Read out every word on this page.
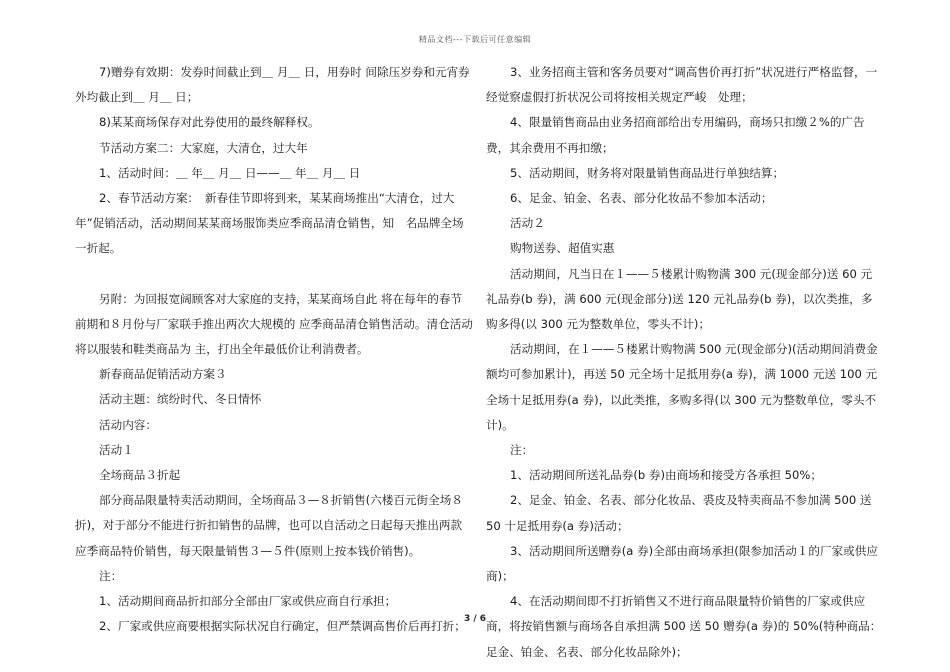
精品文档---下载后可任意编辑

7)赠券有效期：发券时间截止到＿ 月＿ 日，用券时 间除压岁券和元宵券外均截止到＿ 月＿ 日；

8)某某商场保存对此券使用的最终解释权。

节活动方案二：大家庭，大清仓，过大年

1、活动时间：＿ 年＿ 月＿ 日——＿ 年＿ 月＿ 日

2、春节活动方案：　新春佳节即将到来，某某商场推出“大清仓，过大年”促销活动，活动期间某某商场服饰类应季商品清仓销售，知　名品牌全场一折起。

另附：为回报宽阔顾客对大家庭的支持，某某商场自此 将在每年的春节前期和８月份与厂家联手推出两次大规模的 应季商品清仓销售活动。清仓活动将以服装和鞋类商品为 主，打出全年最低价让利消费者。

新春商品促销活动方案３

活动主题：缤纷时代、冬日情怀

活动内容：

活动１

全场商品３折起

部分商品限量特卖活动期间，全场商品３—８折销售(六楼百元街全场８折)，对于部分不能进行折扣销售的品牌，也可以自活动之日起每天推出两款应季商品特价销售，每天限量销售３—５件(原则上按本钱价销售)。

注：

1、活动期间商品折扣部分全部由厂家或供应商自行承担；

2、厂家或供应商要根据实际状况自行确定，但严禁调高售价后再打折；

3、业务招商主管和客务员要对“调高售价再打折”状况进行严格监督，一经觉察虚假打折状况公司将按相关规定严峻　处理；

4、限量销售商品由业务招商部给出专用编码，商场只扣缴２%的广告费，其余费用不再扣缴；

5、活动期间，财务将对限量销售商品进行单独结算；

6、足金、铂金、名表、部分化妆品不参加本活动；

活动２

购物送券、超值实惠

活动期间，凡当日在１——５楼累计购物满 300 元(现金部分)送 60 元礼品券(b 券)，满 600 元(现金部分)送 120 元礼品券(b 券)，以次类推，多购多得(以 300 元为整数单位，零头不计)；

活动期间，在１——５楼累计购物满 500 元(现金部分)(活动期间消费金额均可参加累计)，再送 50 元全场十足抵用券(a 券)，满 1000 元送 100 元全场十足抵用券(a 券)，以此类推，多购多得(以 300 元为整数单位，零头不计)。

注：

1、活动期间所送礼品券(b 券)由商场和接受方各承担 50%；

2、足金、铂金、名表、部分化妆品、裘皮及特卖商品不参加满 500 送 50 十足抵用券(a 券)活动；

3、活动期间所送赠券(a 券)全部由商场承担(限参加活动１的厂家或供应商)；

4、在活动期间即不打折销售又不进行商品限量特价销售的厂家或供应商，将按销售额与商场各自承担满 500 送 50 赠券(a 券)的 50%(特种商品：足金、铂金、名表、部分化妆品除外)；

3 / 6
